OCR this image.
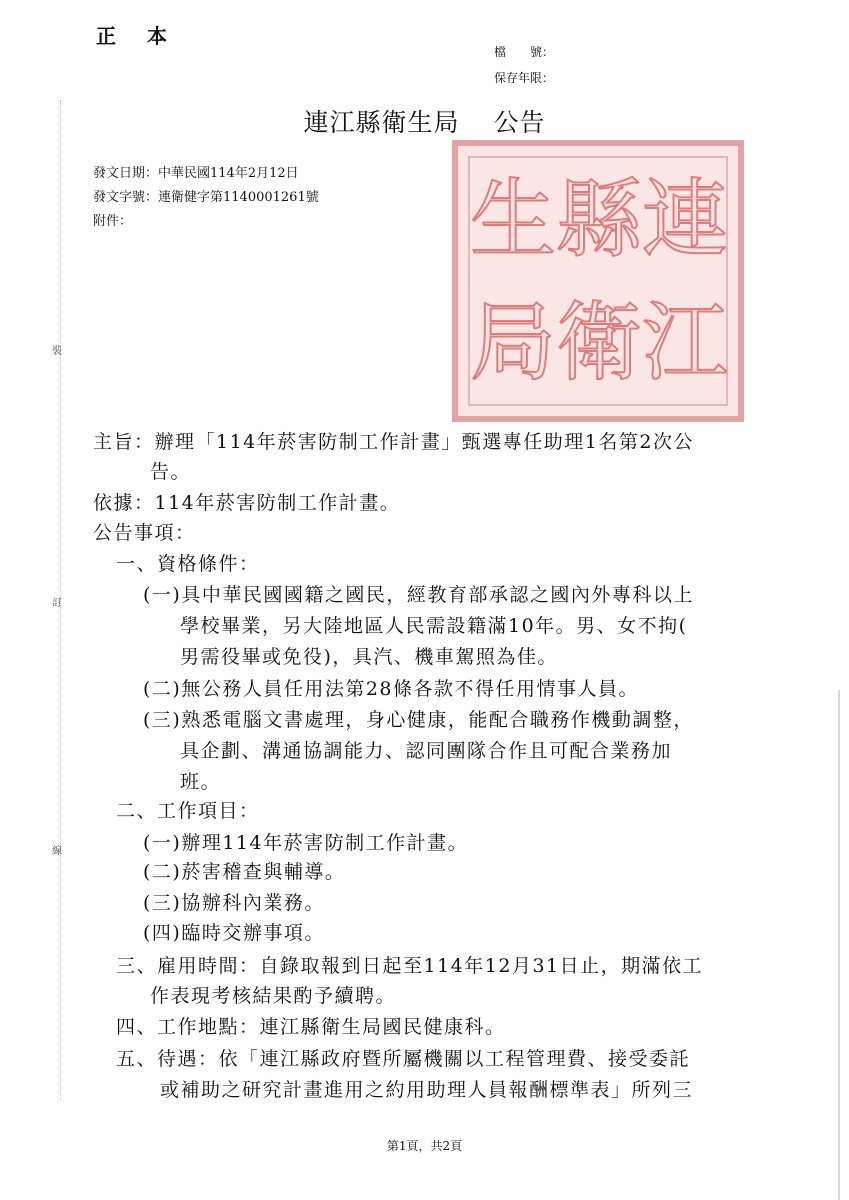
正 本
檔　　號：
保存年限：
連江縣衛生局 公告
發文日期：中華民國114年2月12日
發文字號：連衛健字第1140001261號
附件：
裝
訂
線
連
縣
生
江
衛
局
主旨：辦理「114年菸害防制工作計畫」甄選專任助理1名第2次公
告。
依據：114年菸害防制工作計畫。
公告事項：
一、資格條件：
(一)具中華民國國籍之國民，經教育部承認之國內外專科以上
學校畢業，另大陸地區人民需設籍滿10年。男、女不拘(
男需役畢或免役)，具汽、機車駕照為佳。
(二)無公務人員任用法第28條各款不得任用情事人員。
(三)熟悉電腦文書處理，身心健康，能配合職務作機動調整，
具企劃、溝通協調能力、認同團隊合作且可配合業務加
班。
二、工作項目：
(一)辦理114年菸害防制工作計畫。
(二)菸害稽查與輔導。
(三)協辦科內業務。
(四)臨時交辦事項。
三、雇用時間：自錄取報到日起至114年12月31日止，期滿依工
作表現考核結果酌予續聘。
四、工作地點：連江縣衛生局國民健康科。
五、待遇：依「連江縣政府暨所屬機關以工程管理費、接受委託
或補助之研究計畫進用之約用助理人員報酬標準表」所列三
第1頁，共2頁
